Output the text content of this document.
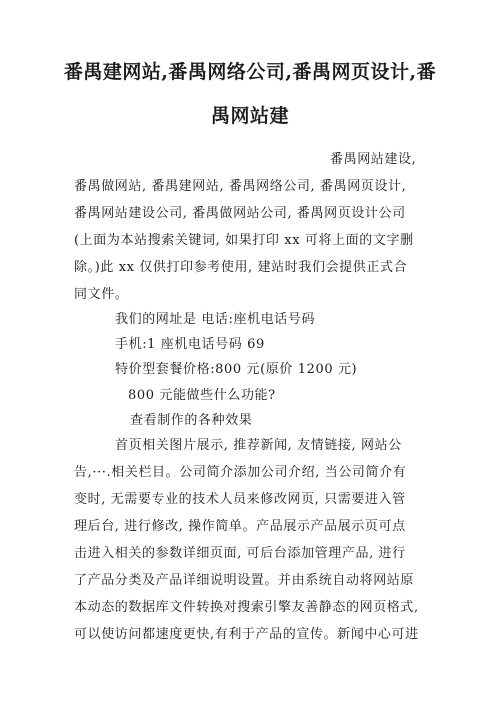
番禺建网站,番禺网络公司,番禺网页设计,番
禺网站建
番禺网站建设,
番禺做网站, 番禺建网站, 番禺网络公司, 番禺网页设计,
番禺网站建设公司, 番禺做网站公司, 番禺网页设计公司
(上面为本站搜索关键词, 如果打印 xx 可将上面的文字删
除。)此 xx 仅供打印参考使用, 建站时我们会提供正式合
同文件。
我们的网址是 电话:座机电话号码
手机:1 座机电话号码 69
特价型套餐价格:800 元(原价 1200 元)
800 元能做些什么功能?
查看制作的各种效果
首页相关图片展示, 推荐新闻, 友情链接, 网站公
告,···.相关栏目。公司简介添加公司介绍, 当公司简介有
变时, 无需要专业的技术人员来修改网页, 只需要进入管
理后台, 进行修改, 操作简单。产品展示产品展示页可点
击进入相关的参数详细页面, 可后台添加管理产品, 进行
了产品分类及产品详细说明设置。并由系统自动将网站原
本动态的数据库文件转换对搜索引擎友善静态的网页格式,
可以使访问都速度更快,有利于产品的宣传。新闻中心可进
